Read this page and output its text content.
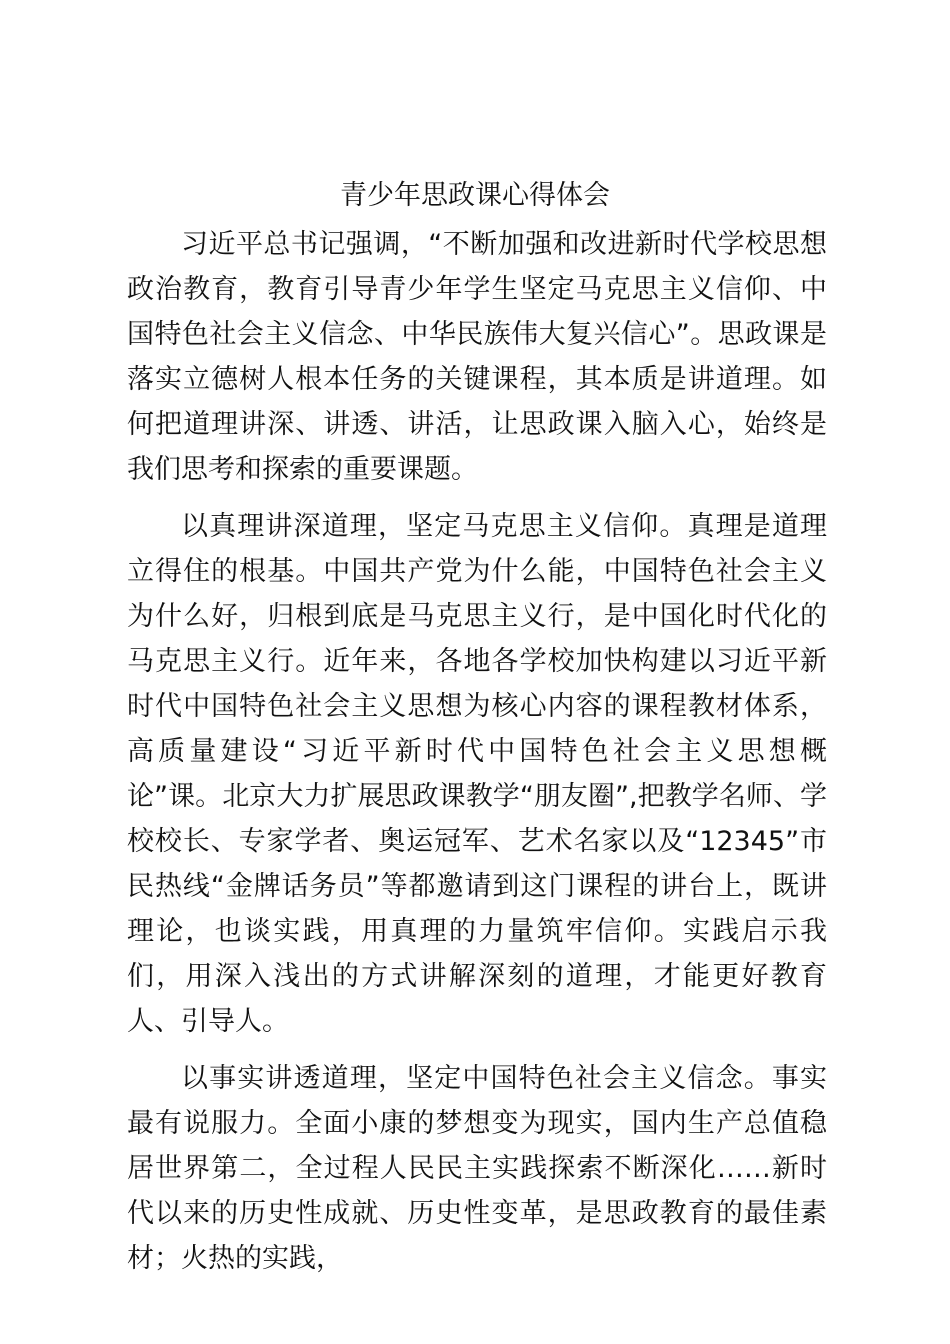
青少年思政课心得体会

习近平总书记强调，“不断加强和改进新时代学校思想政治教育，教育引导青少年学生坚定马克思主义信仰、中国特色社会主义信念、中华民族伟大复兴信心”。思政课是落实立德树人根本任务的关键课程，其本质是讲道理。如何把道理讲深、讲透、讲活，让思政课入脑入心，始终是我们思考和探索的重要课题。

以真理讲深道理，坚定马克思主义信仰。真理是道理立得住的根基。中国共产党为什么能，中国特色社会主义为什么好，归根到底是马克思主义行，是中国化时代化的马克思主义行。近年来，各地各学校加快构建以习近平新时代中国特色社会主义思想为核心内容的课程教材体系，高质量建设“习近平新时代中国特色社会主义思想概论”课。北京大力扩展思政课教学“朋友圈”,把教学名师、学校校长、专家学者、奥运冠军、艺术名家以及“12345”市民热线“金牌话务员”等都邀请到这门课程的讲台上，既讲理论，也谈实践，用真理的力量筑牢信仰。实践启示我们，用深入浅出的方式讲解深刻的道理，才能更好教育人、引导人。

以事实讲透道理，坚定中国特色社会主义信念。事实最有说服力。全面小康的梦想变为现实，国内生产总值稳居世界第二，全过程人民民主实践探索不断深化……新时代以来的历史性成就、历史性变革，是思政教育的最佳素材；火热的实践，
